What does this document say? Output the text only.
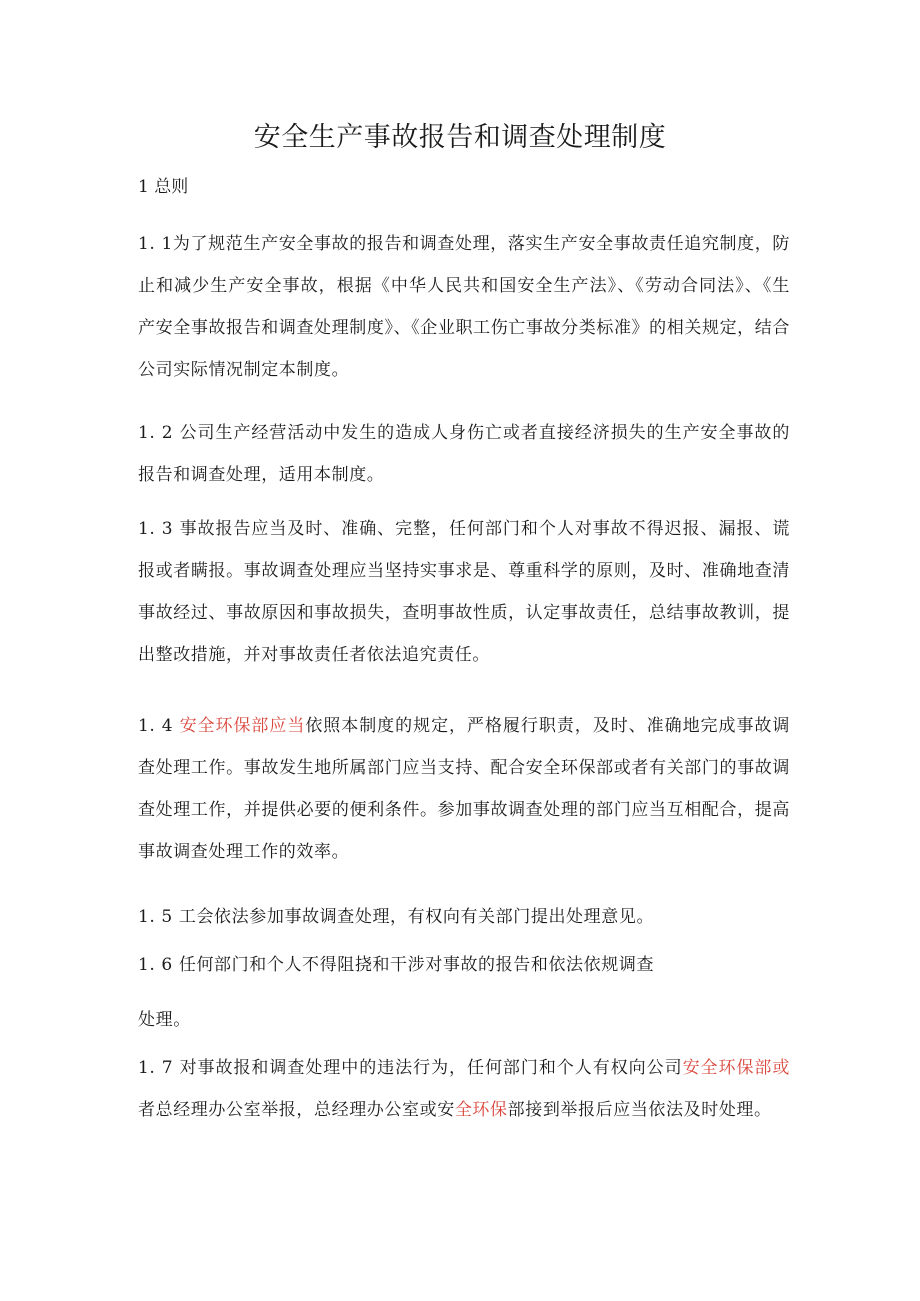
安全生产事故报告和调查处理制度
1 总则
1. 1为了规范生产安全事故的报告和调查处理，落实生产安全事故责任追究制度，防止和减少生产安全事故，根据《中华人民共和国安全生产法》、《劳动合同法》、《生产安全事故报告和调查处理制度》、《企业职工伤亡事故分类标准》的相关规定，结合公司实际情况制定本制度。
1. 2 公司生产经营活动中发生的造成人身伤亡或者直接经济损失的生产安全事故的报告和调查处理，适用本制度。
1. 3 事故报告应当及时、准确、完整，任何部门和个人对事故不得迟报、漏报、谎报或者瞒报。事故调查处理应当坚持实事求是、尊重科学的原则，及时、准确地查清事故经过、事故原因和事故损失，查明事故性质，认定事故责任，总结事故教训，提出整改措施，并对事故责任者依法追究责任。
1. 4 安全环保部应当依照本制度的规定，严格履行职责，及时、准确地完成事故调查处理工作。事故发生地所属部门应当支持、配合安全环保部或者有关部门的事故调查处理工作，并提供必要的便利条件。参加事故调查处理的部门应当互相配合，提高事故调查处理工作的效率。
1. 5 工会依法参加事故调查处理，有权向有关部门提出处理意见。
1. 6 任何部门和个人不得阻挠和干涉对事故的报告和依法依规调查
处理。
1. 7 对事故报和调查处理中的违法行为，任何部门和个人有权向公司安全环保部或者总经理办公室举报，总经理办公室或安全环保部接到举报后应当依法及时处理。
